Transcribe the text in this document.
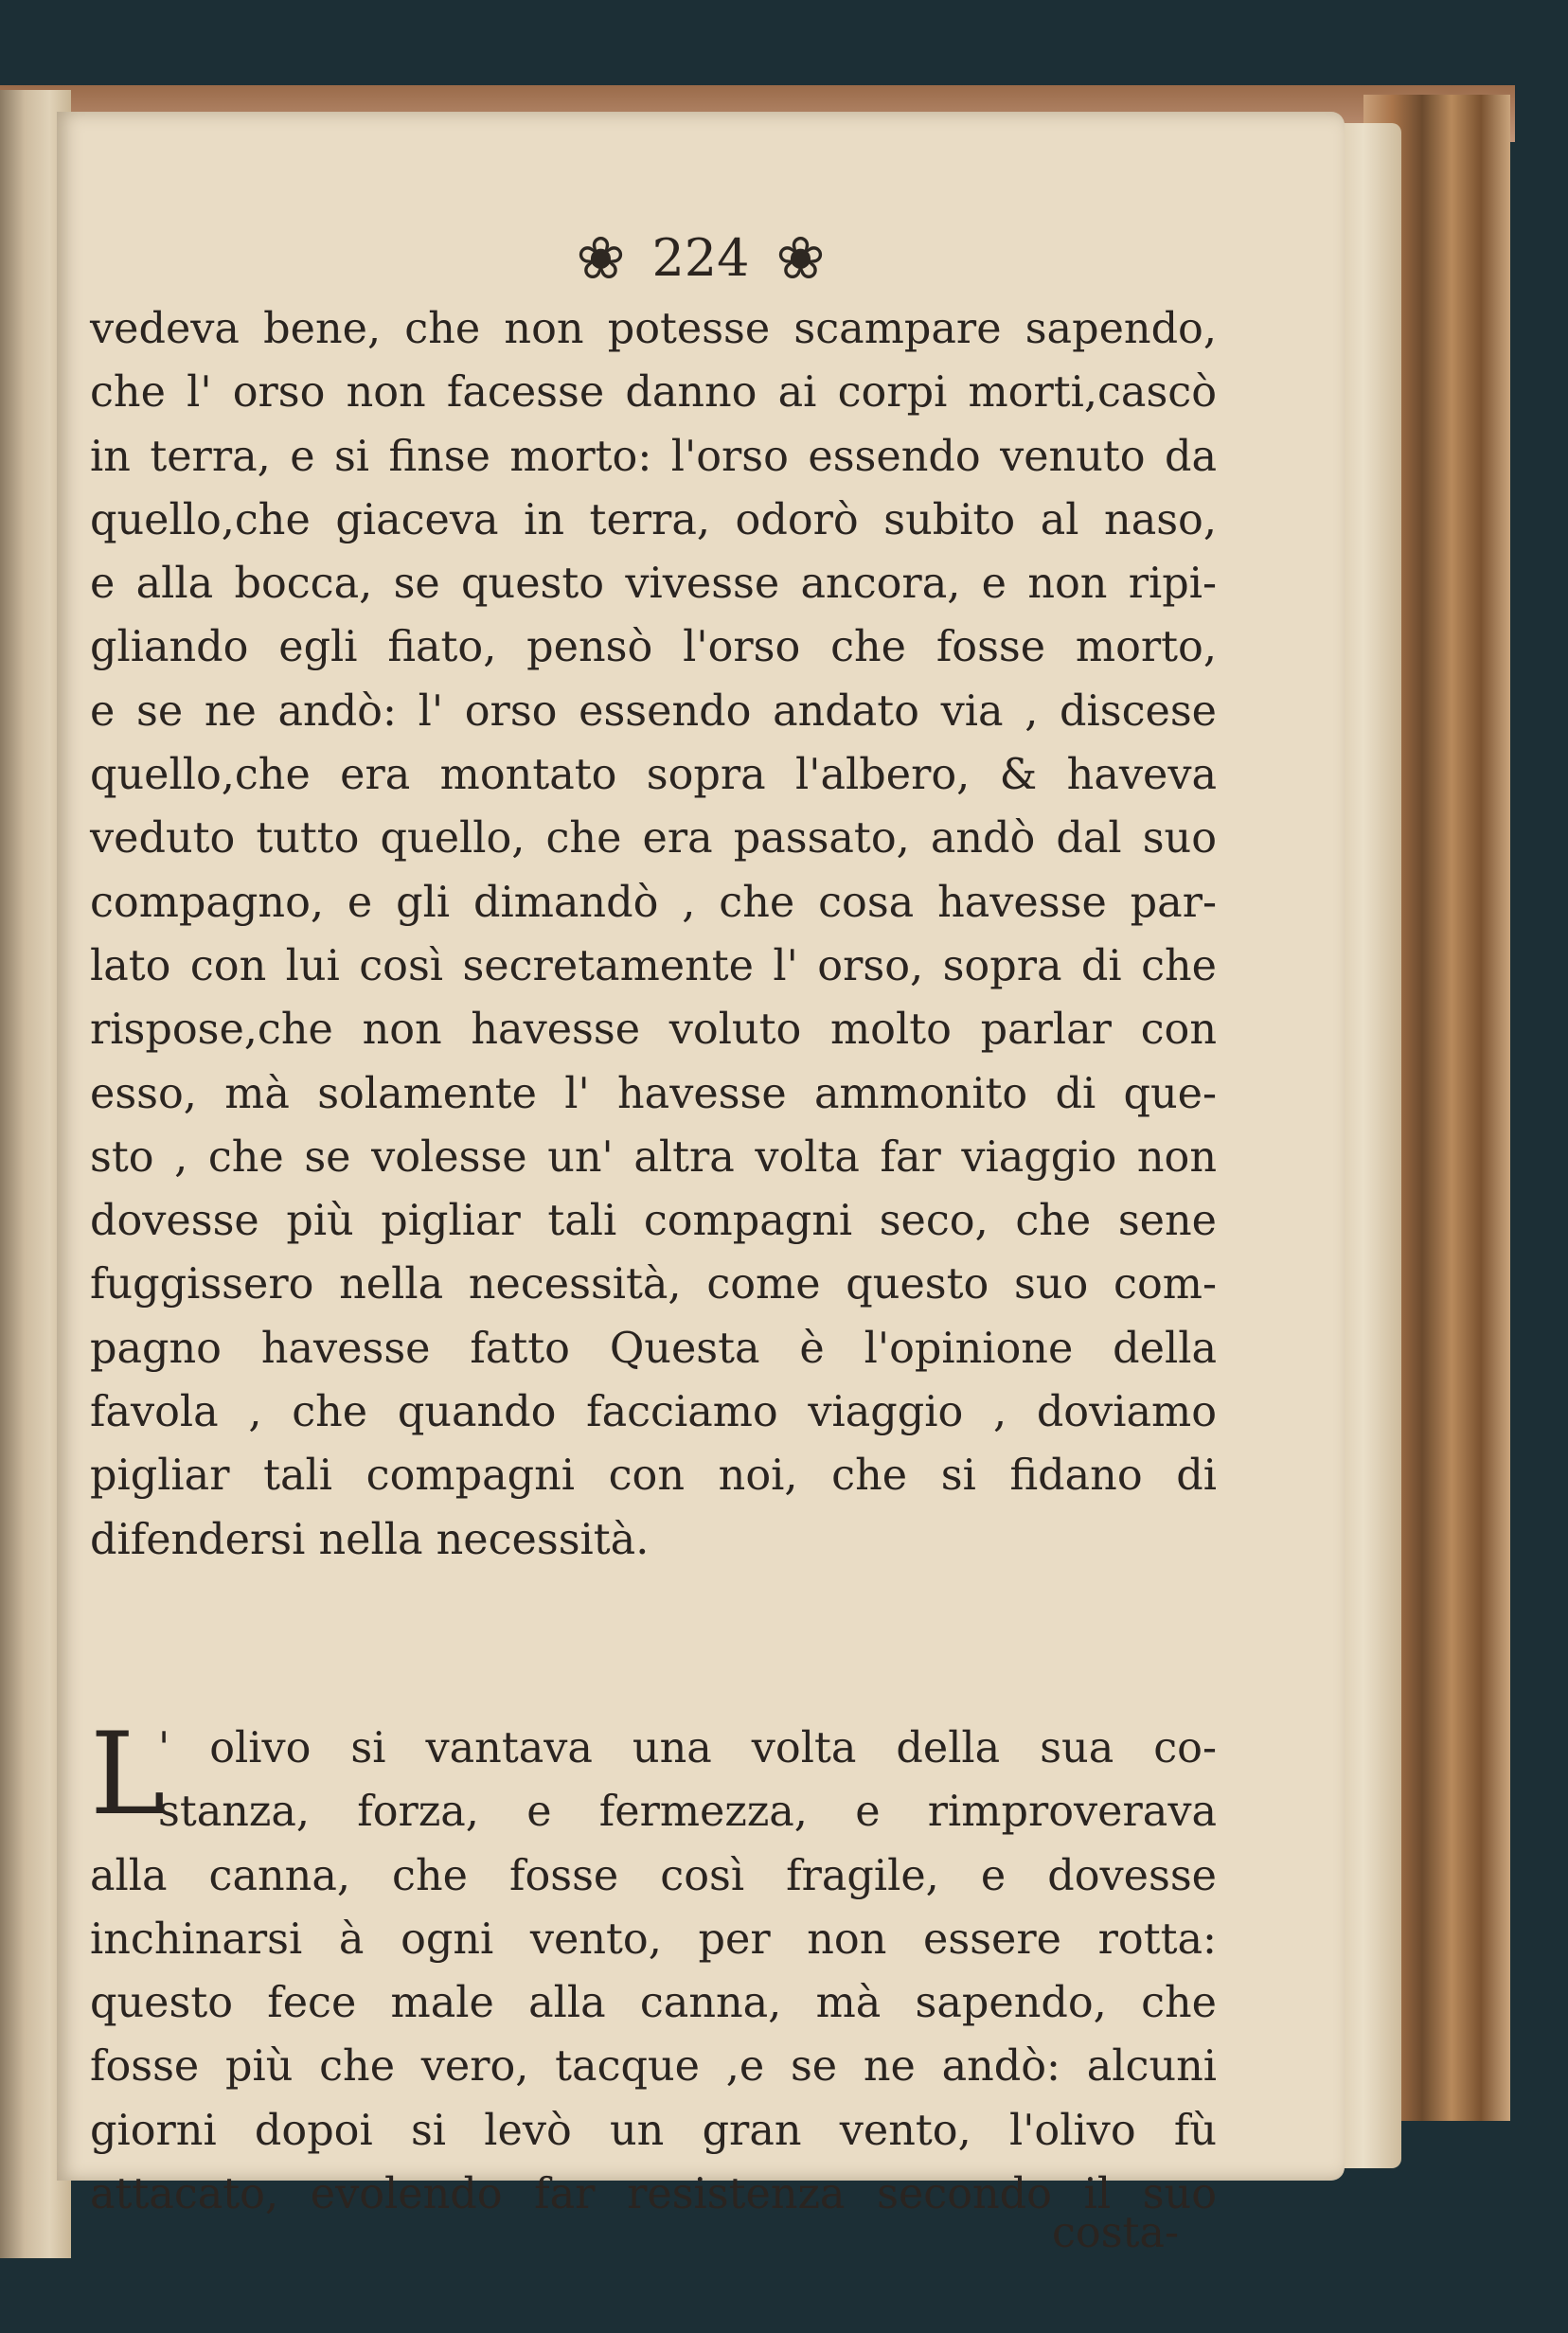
❀ 224 ❀
vedeva bene, che non potesse scampare sapendo,
che l' orso non facesse danno ai corpi morti,cascò
in terra, e si finse morto: l'orso essendo venuto da
quello,che giaceva in terra, odorò subito al naso,
e alla bocca, se questo vivesse ancora, e non ripi-
gliando egli fiato, pensò l'orso che fosse morto,
e se ne andò: l' orso essendo andato via , discese
quello,che era montato sopra l'albero, & haveva
veduto tutto quello, che era passato, andò dal suo
compagno, e gli dimandò , che cosa havesse par-
lato con lui così secretamente l' orso, sopra di che
rispose,che non havesse voluto molto parlar con
esso, mà solamente l' havesse ammonito di que-
sto , che se volesse un' altra volta far viaggio non
dovesse più pigliar tali compagni seco, che sene
fuggissero nella necessità, come questo suo com-
pagno havesse fatto Questa è l'opinione della
favola , che quando facciamo viaggio , doviamo
pigliar tali compagni con noi, che si fidano di
difendersi nella necessità.
L
' olivo si vantava una volta della sua co-
stanza, forza, e fermezza, e rimproverava
alla canna, che fosse così fragile, e dovesse
inchinarsi à ogni vento, per non essere rotta:
questo fece male alla canna, mà sapendo, che
fosse più che vero, tacque ,e se ne andò: alcuni
giorni dopoi si levò un gran vento, l'olivo fù
attacato, evolendo far resistenza secondo il suo
costa-
